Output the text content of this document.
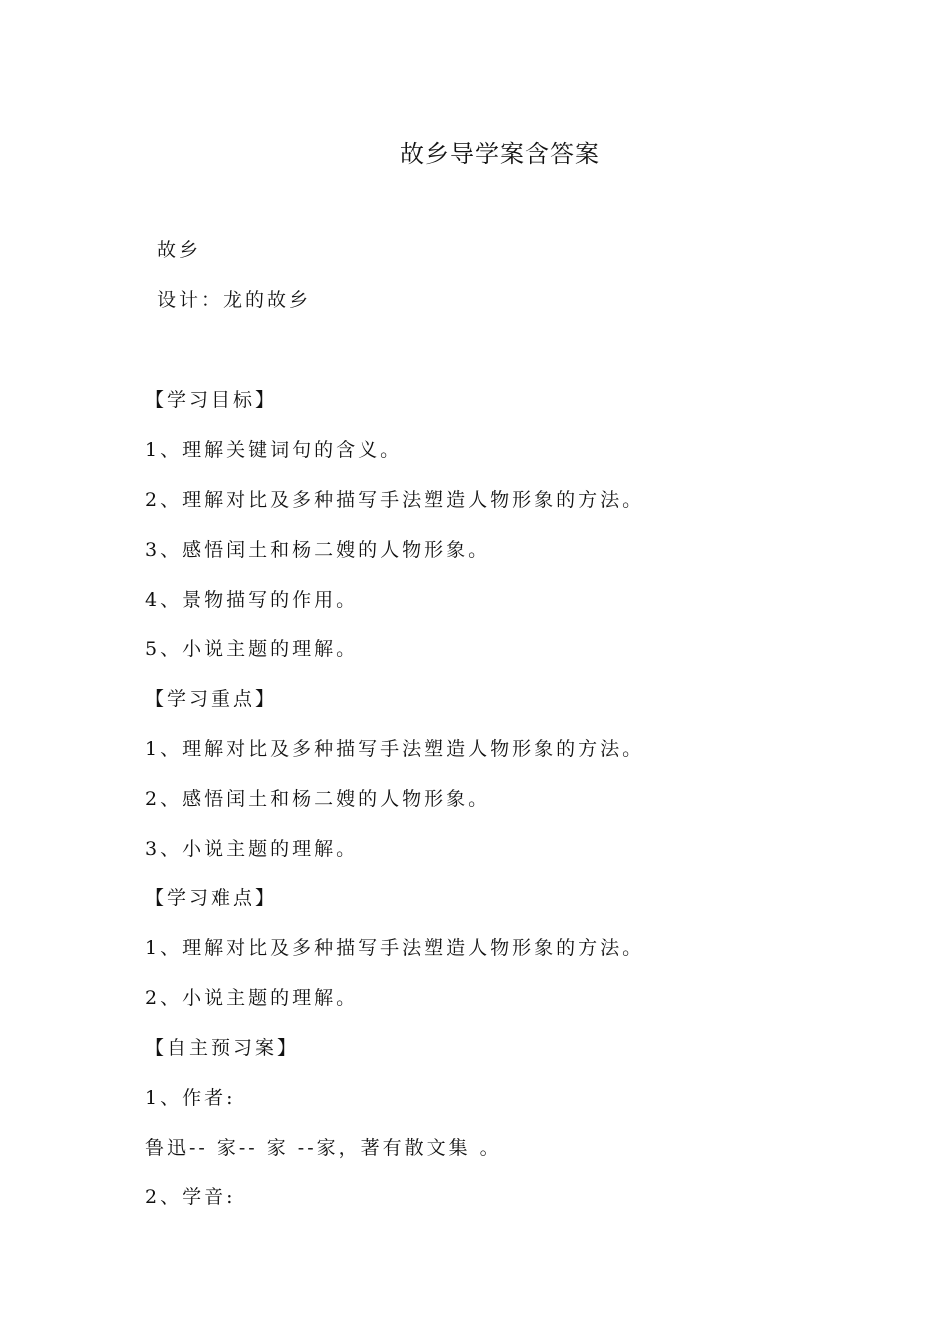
故乡导学案含答案
故乡
设计：龙的故乡
【学习目标】
1、理解关键词句的含义。
2、理解对比及多种描写手法塑造人物形象的方法。
3、感悟闰土和杨二嫂的人物形象。
4、景物描写的作用。
5、小说主题的理解。
【学习重点】
1、理解对比及多种描写手法塑造人物形象的方法。
2、感悟闰土和杨二嫂的人物形象。
3、小说主题的理解。
【学习难点】
1、理解对比及多种描写手法塑造人物形象的方法。
2、小说主题的理解。
【自主预习案】
1、作者:
鲁迅-- 家-- 家 --家，著有散文集 。
2、学音:
